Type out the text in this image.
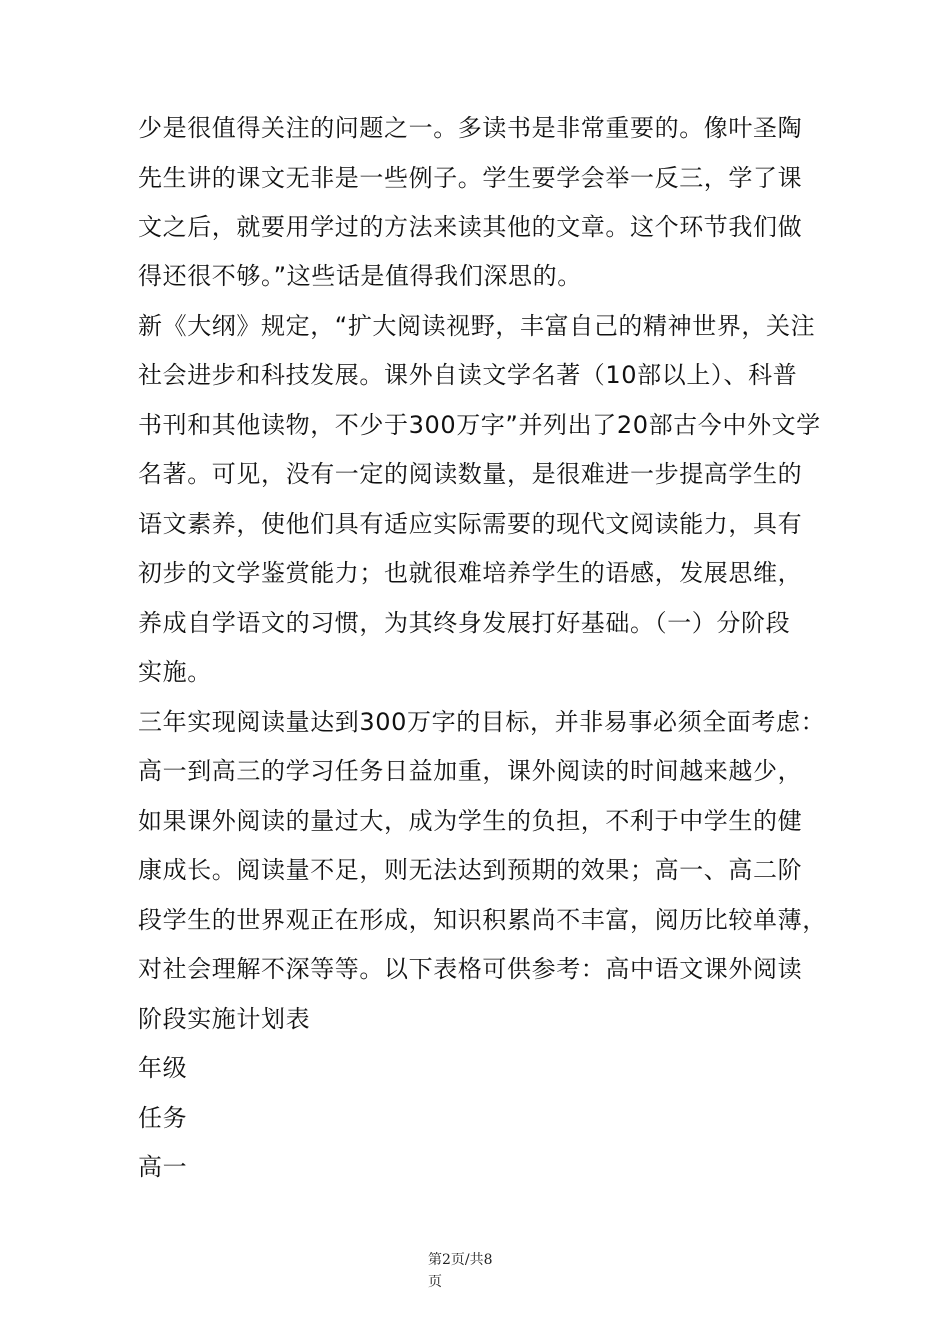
少是很值得关注的问题之一。多读书是非常重要的。像叶圣陶
先生讲的课文无非是一些例子。学生要学会举一反三，学了课
文之后，就要用学过的方法来读其他的文章。这个环节我们做
得还很不够。”这些话是值得我们深思的。
新《大纲》规定，“扩大阅读视野，丰富自己的精神世界，关注
社会进步和科技发展。课外自读文学名著（10部以上）、科普
书刊和其他读物，不少于300万字”并列出了20部古今中外文学
名著。可见，没有一定的阅读数量，是很难进一步提高学生的
语文素养，使他们具有适应实际需要的现代文阅读能力，具有
初步的文学鉴赏能力；也就很难培养学生的语感，发展思维，
养成自学语文的习惯，为其终身发展打好基础。（一）分阶段
实施。
三年实现阅读量达到300万字的目标，并非易事必须全面考虑：
高一到高三的学习任务日益加重，课外阅读的时间越来越少，
如果课外阅读的量过大，成为学生的负担，不利于中学生的健
康成长。阅读量不足，则无法达到预期的效果；高一、高二阶
段学生的世界观正在形成，知识积累尚不丰富，阅历比较单薄，
对社会理解不深等等。以下表格可供参考：高中语文课外阅读
阶段实施计划表
年级
任务
高一
第2页/共8
页
